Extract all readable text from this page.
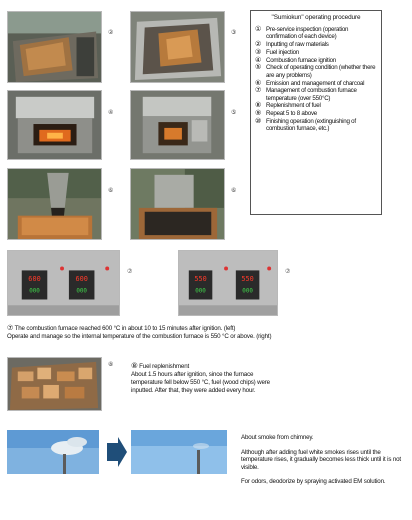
②	③
"Sumiokun" operating procedure
① Pre-service inspection (operation confirmation of each device)
② Inputting of raw materials
③ Fuel injection
④ Combustion furnace ignition
⑤ Check of operating condition (whether there are any problems)
⑥ Emission and management of charcoal
⑦ Management of combustion furnace temperature (over 550°C)
⑧ Replenishment of fuel
⑨ Repeat 5 to 8 above
⑩ Finishing operation (extinguishing of combustion furnace, etc.)
④	⑤
⑥	⑥
600
000
600
000
⑦
550
000
550
000
⑦
⑦ The combustion furnace reached 600 °C in about 10 to 15 minutes after ignition. (left)
Operate and manage so the internal temperature of the combustion furnace is 550 °C or above. (right)
⑧ ⑧ Fuel replenishment
About 1.5 hours after ignition, since the furnace temperature fell below 550 °C, fuel (wood chips) were inputted. After that, they were added every hour.

About smoke from chimney.

Although after adding fuel white smokes rises until the temperature rises, it gradually becomes less thick until it is not visible.

For odors, deodorize by spraying activated EM solution.
